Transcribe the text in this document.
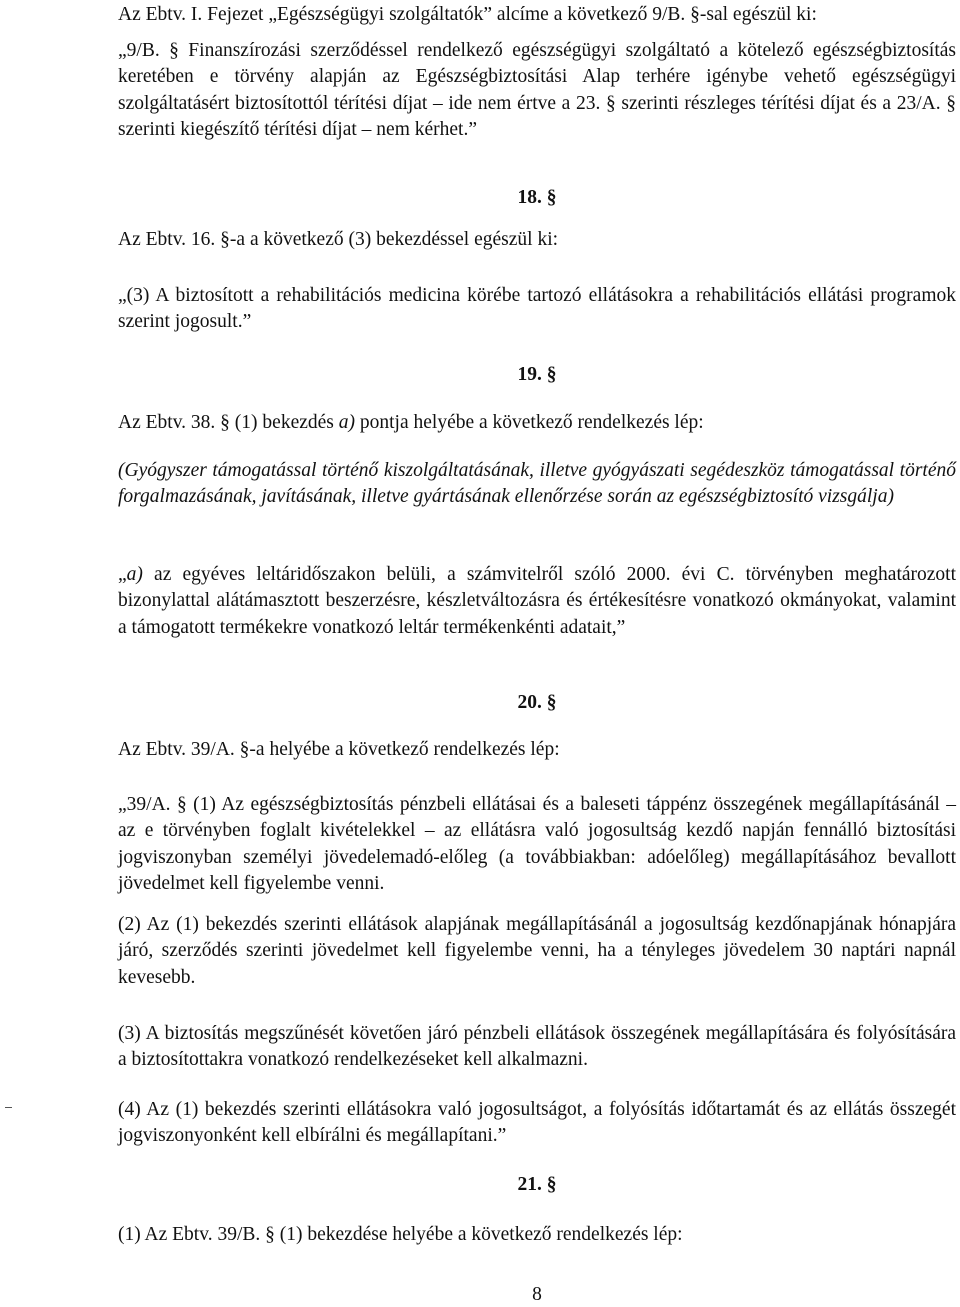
Az Ebtv. I. Fejezet „Egészségügyi szolgáltatók” alcíme a következő 9/B. §-sal egészül ki:

„9/B. § Finanszírozási szerződéssel rendelkező egészségügyi szolgáltató a kötelező egészségbiztosítás keretében e törvény alapján az Egészségbiztosítási Alap terhére igénybe vehető egészségügyi szolgáltatásért biztosítottól térítési díjat – ide nem értve a 23. § szerinti részleges térítési díjat és a 23/A. § szerinti kiegészítő térítési díjat – nem kérhet.”

18. §

Az Ebtv. 16. §-a a következő (3) bekezdéssel egészül ki:

„(3) A biztosított a rehabilitációs medicina körébe tartozó ellátásokra a rehabilitációs ellátási programok szerint jogosult.”

19. §

Az Ebtv. 38. § (1) bekezdés a) pontja helyébe a következő rendelkezés lép:

(Gyógyszer támogatással történő kiszolgáltatásának, illetve gyógyászati segédeszköz támogatással történő forgalmazásának, javításának, illetve gyártásának ellenőrzése során az egészségbiztosító vizsgálja)

„a) az egyéves leltáridőszakon belüli, a számvitelről szóló 2000. évi C. törvényben meghatározott bizonylattal alátámasztott beszerzésre, készletváltozásra és értékesítésre vonatkozó okmányokat, valamint a támogatott termékekre vonatkozó leltár termékenkénti adatait,”

20. §

Az Ebtv. 39/A. §-a helyébe a következő rendelkezés lép:

„39/A. § (1) Az egészségbiztosítás pénzbeli ellátásai és a baleseti táppénz összegének megállapításánál – az e törvényben foglalt kivételekkel – az ellátásra való jogosultság kezdő napján fennálló biztosítási jogviszonyban személyi jövedelemadó-előleg (a továbbiakban: adóelőleg) megállapításához bevallott jövedelmet kell figyelembe venni.

(2) Az (1) bekezdés szerinti ellátások alapjának megállapításánál a jogosultság kezdőnapjának hónapjára járó, szerződés szerinti jövedelmet kell figyelembe venni, ha a tényleges jövedelem 30 naptári napnál kevesebb.

(3) A biztosítás megszűnését követően járó pénzbeli ellátások összegének megállapítására és folyósítására a biztosítottakra vonatkozó rendelkezéseket kell alkalmazni.

(4) Az (1) bekezdés szerinti ellátásokra való jogosultságot, a folyósítás időtartamát és az ellátás összegét jogviszonyonként kell elbírálni és megállapítani.”

21. §

(1) Az Ebtv. 39/B. § (1) bekezdése helyébe a következő rendelkezés lép:

8
